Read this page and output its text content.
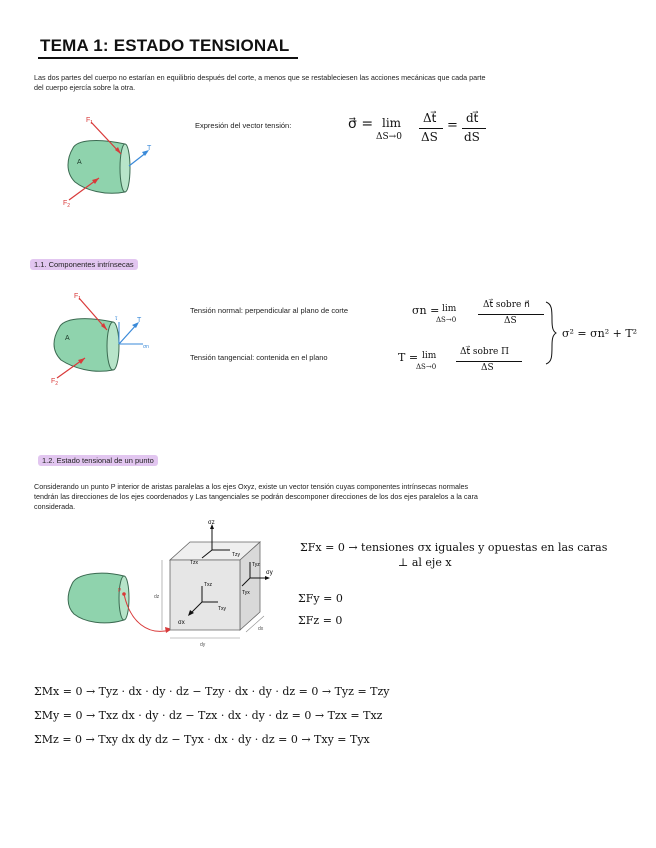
TEMA 1: ESTADO TENSIONAL
Las dos partes del cuerpo no estarían en equilibrio después del corte, a menos que se restableciesen las acciones mecánicas que cada parte
del cuerpo ejercía sobre la otra.
$F_1$
$F_2$
A
T
Expresión del vector tensión:	σ⃗ = lim
ΔS→0
Δt⃗
ΔS
= dt⃗
dS
1.1. Componentes intrínsecas
$F_1$
$F_2$
A
T
τ
σn
Tensión normal: perpendicular al plano de corte
Tensión tangencial: contenida en el plano
σn = lim
ΔS→0
Δt⃗ sobre n⃗
ΔS
T = lim
ΔS→0
Δt⃗ sobre Π
ΔS
σ² = σn² + T²
1.2. Estado tensional de un punto
Considerando un punto P interior de aristas paralelas a los ejes Oxyz, existe un vector tensión cuyas componentes intrínsecas normales
tendrán las direcciones de los ejes coordenados y Las tangenciales se podrán descomponer direcciones de los dos ejes paralelos a la cara
considerada.
P
σz
Tzy
Tzx
σy
Tyz
Tyx
σx
Txz
Txy
dz
dy
dx
ΣFx = 0 → tensiones σx iguales y opuestas en las caras
⊥ al eje x
ΣFy = 0
ΣFz = 0
ΣMx = 0 → Tyz · dx · dy · dz − Tzy · dx · dy · dz = 0 → Tyz = Tzy
ΣMy = 0 → Txz dx · dy · dz − Tzx · dx · dy · dz = 0 → Tzx = Txz
ΣMz = 0 → Txy dx dy dz − Tyx · dx · dy · dz = 0 → Txy = Tyx
